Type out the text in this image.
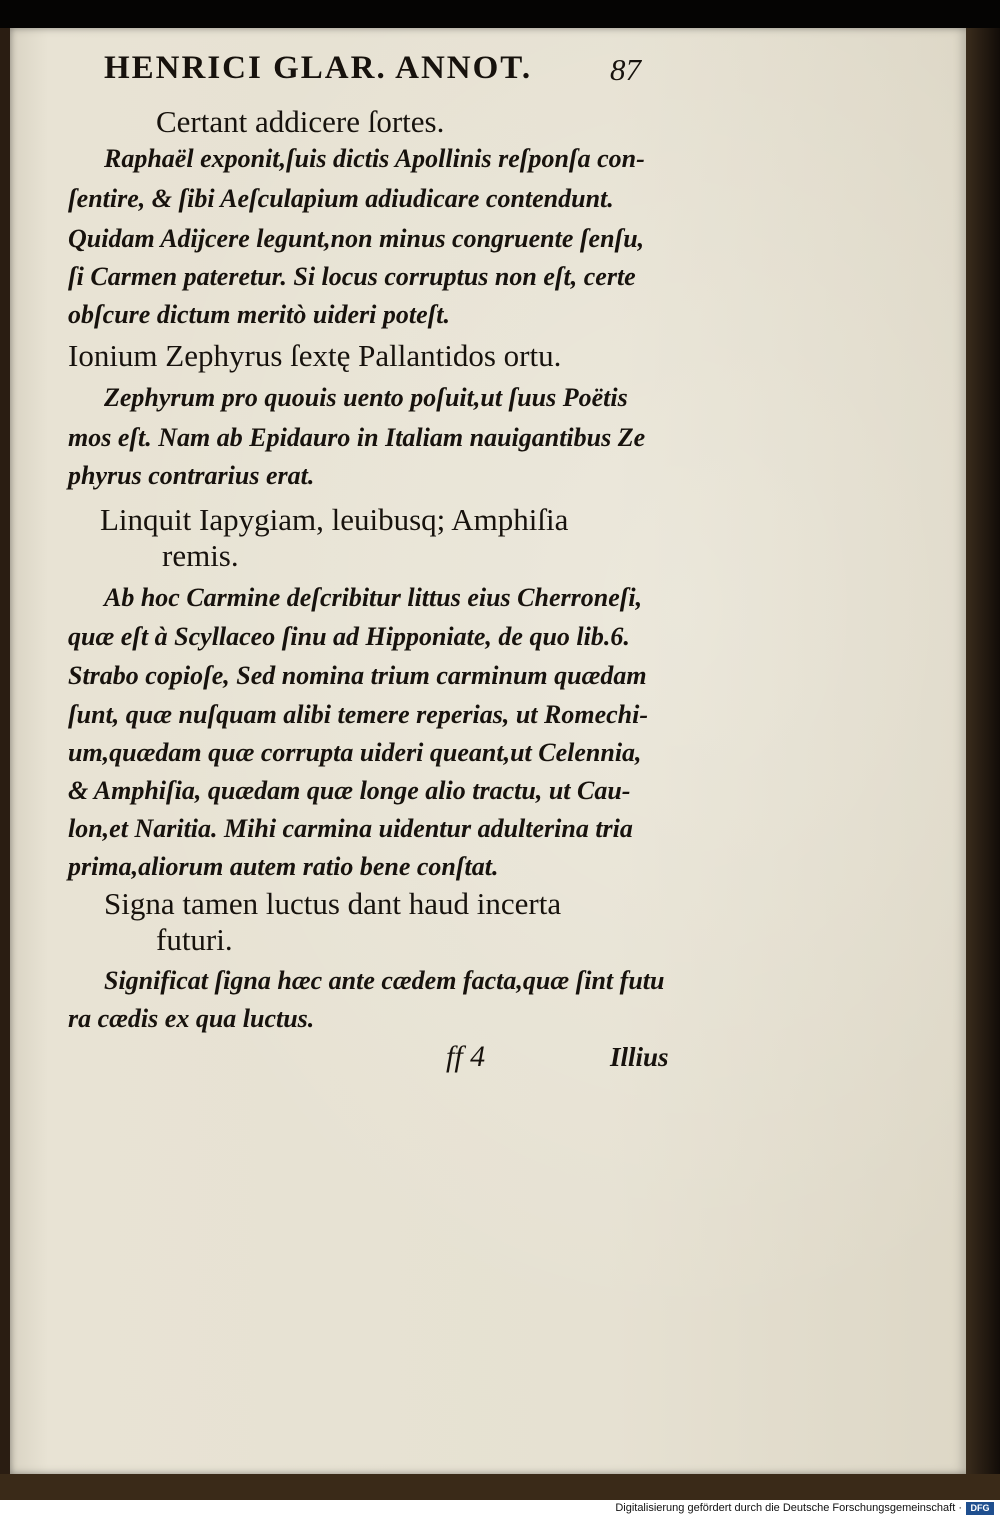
HENRICI GLAR. ANNOT.	87
Certant addicere ſortes.
Raphaël exponit,ſuis dictis Apollinis reſponſa con-
ſentire, & ſibi Aeſculapium adiudicare contendunt.
Quidam Adijcere legunt,non minus congruente ſenſu,
ſi Carmen pateretur. Si locus corruptus non eſt, certe
obſcure dictum meritò uideri poteſt.
Ionium Zephyrus ſextę Pallantidos ortu.
Zephyrum pro quouis uento poſuit,ut ſuus Poëtis
mos eſt. Nam ab Epidauro in Italiam nauigantibus Ze
phyrus contrarius erat.
Linquit Iapygiam, leuibusq; Amphiſia
remis.
Ab hoc Carmine deſcribitur littus eius Cherroneſi,
quæ eſt à Scyllaceo ſinu ad Hipponiate, de quo lib.6.
Strabo copioſe, Sed nomina trium carminum quædam
ſunt, quæ nuſquam alibi temere reperias, ut Romechi-
um,quædam quæ corrupta uideri queant,ut Celennia,
& Amphiſia, quædam quæ longe alio tractu, ut Cau-
lon,et Naritia. Mihi carmina uidentur adulterina tria
prima,aliorum autem ratio bene conſtat.
Signa tamen luctus dant haud incerta
futuri.
Significat ſigna hæc ante cædem facta,quæ ſint futu
ra cædis ex qua luctus.
ff 4	Illius
Digitalisierung gefördert durch die Deutsche Forschungsgemeinschaft · DFG
